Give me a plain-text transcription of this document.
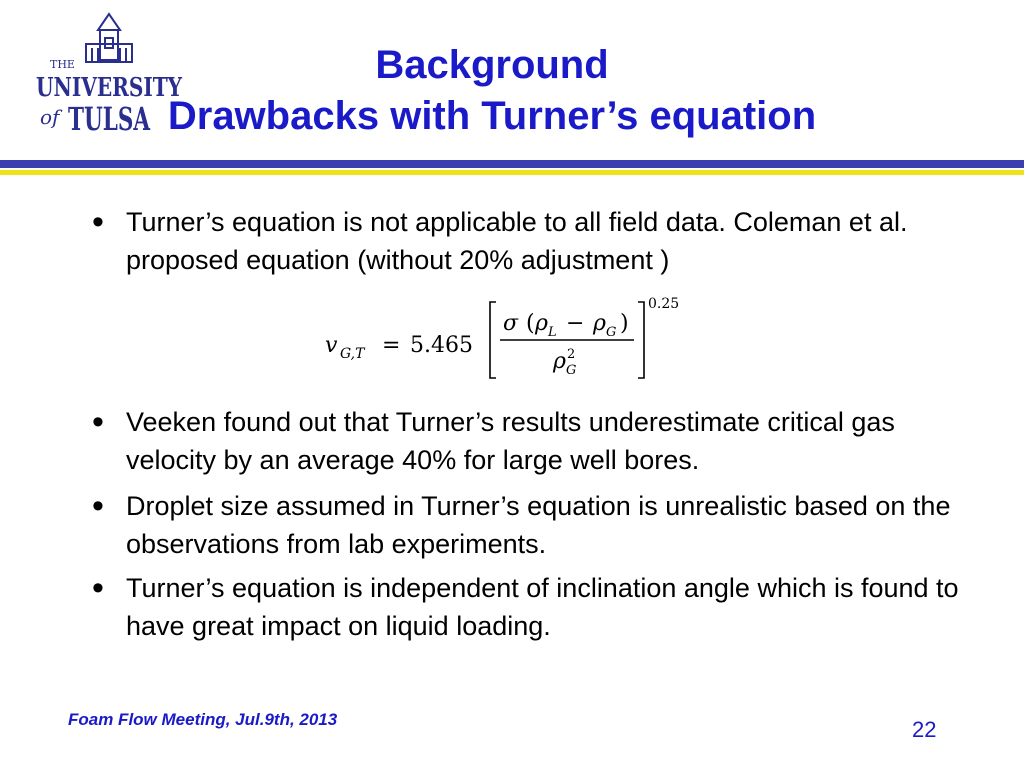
THE
UNIVERSITY
of TULSA
Background
Drawbacks with Turner’s equation
• Turner’s equation is not applicable to all field data. Coleman et al. proposed equation (without 20% adjustment )
v G,T = 5.465
σ ( ρ L − ρ G )
ρ 2
G
0.25
• Veeken found out that Turner’s results underestimate critical gas velocity by an average 40% for large well bores.
• Droplet size assumed in Turner’s equation is unrealistic based on the observations from lab experiments.
• Turner’s equation is independent of inclination angle which is found to have great impact on liquid loading.
Foam Flow Meeting, Jul.9th, 2013	22
